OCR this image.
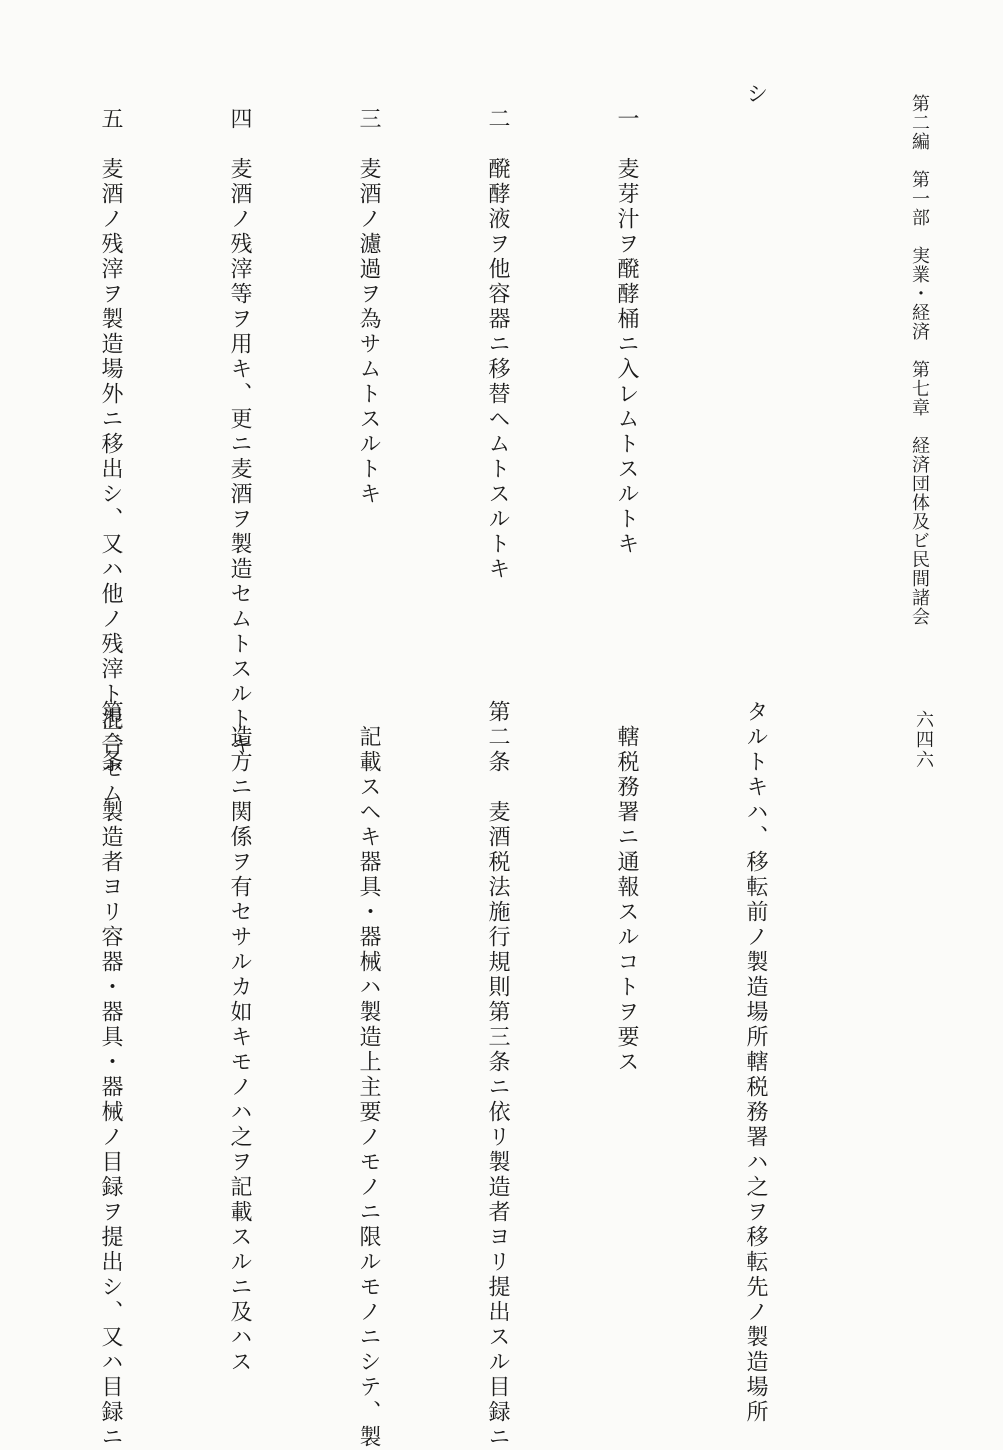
第二編　第一部　実業・経済　第七章　経済団体及ビ民間諸会
六四六

シ

　一　麦芽汁ヲ醗酵桶ニ入レムトスルトキ

　二　醗酵液ヲ他容器ニ移替ヘムトスルトキ

　三　麦酒ノ濾過ヲ為サムトスルトキ

　四　麦酒ノ残滓等ヲ用キ、更ニ麦酒ヲ製造セムトスルトキ

　五　麦酒ノ残滓ヲ製造場外ニ移出シ、又ハ他ノ残滓ト混合セム

タルトキハ、移転前ノ製造場所轄税務署ハ之ヲ移転先ノ製造場所

　轄税務署ニ通報スルコトヲ要ス

第二条　麦酒税法施行規則第三条ニ依リ製造者ヨリ提出スル目録ニ

　記載スヘキ器具・器械ハ製造上主要ノモノニ限ルモノニシテ、製

　造方ニ関係ヲ有セサルカ如キモノハ之ヲ記載スルニ及ハス

第三条　製造者ヨリ容器・器具・器械ノ目録ヲ提出シ、又ハ目録ニ
